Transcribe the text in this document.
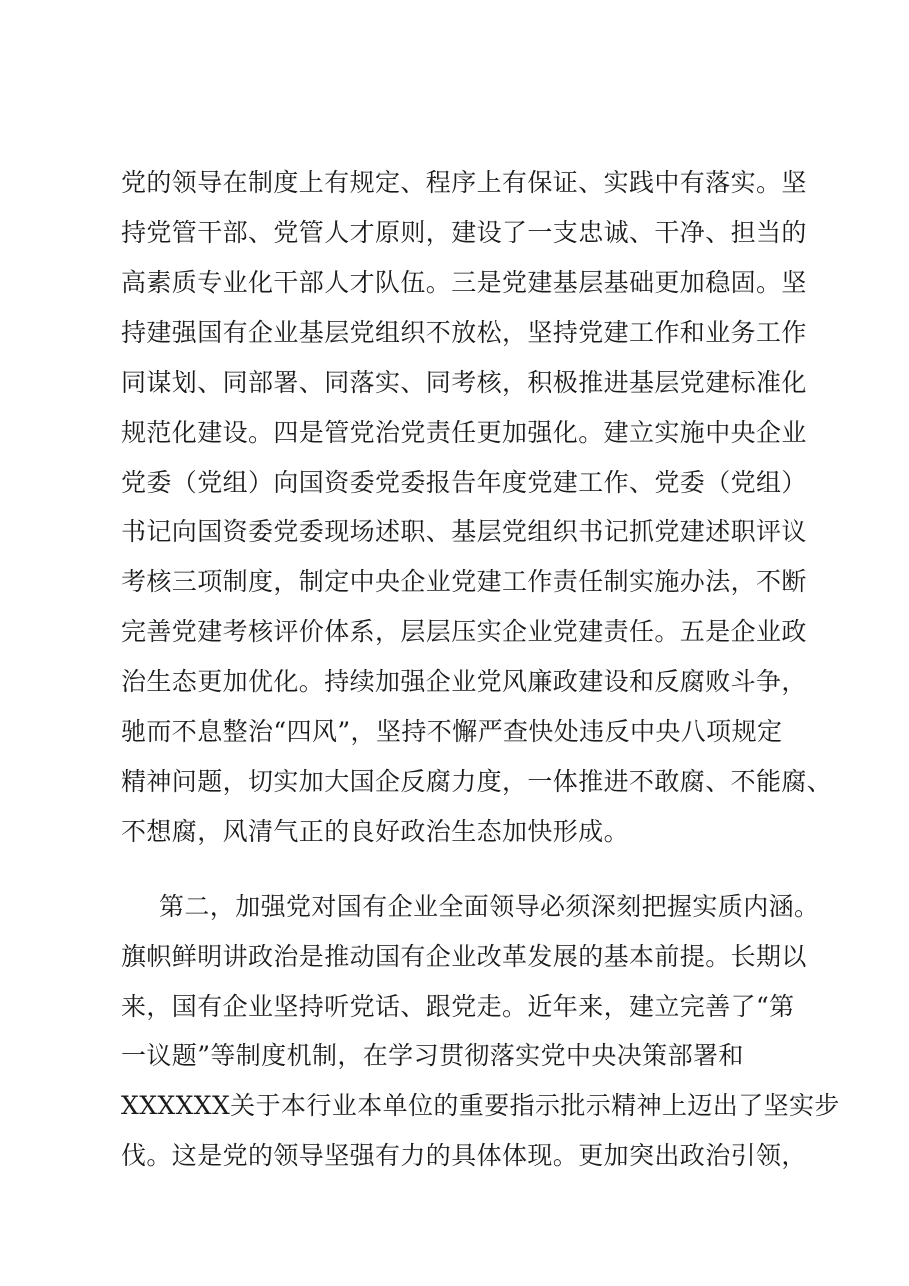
党的领导在制度上有规定、程序上有保证、实践中有落实。坚
持党管干部、党管人才原则，建设了一支忠诚、干净、担当的
高素质专业化干部人才队伍。三是党建基层基础更加稳固。坚
持建强国有企业基层党组织不放松，坚持党建工作和业务工作
同谋划、同部署、同落实、同考核，积极推进基层党建标准化
规范化建设。四是管党治党责任更加强化。建立实施中央企业
党委（党组）向国资委党委报告年度党建工作、党委（党组）
书记向国资委党委现场述职、基层党组织书记抓党建述职评议
考核三项制度，制定中央企业党建工作责任制实施办法，不断
完善党建考核评价体系，层层压实企业党建责任。五是企业政
治生态更加优化。持续加强企业党风廉政建设和反腐败斗争，
驰而不息整治“四风”，坚持不懈严查快处违反中央八项规定
精神问题，切实加大国企反腐力度，一体推进不敢腐、不能腐、
不想腐，风清气正的良好政治生态加快形成。
第二，加强党对国有企业全面领导必须深刻把握实质内涵。
旗帜鲜明讲政治是推动国有企业改革发展的基本前提。长期以
来，国有企业坚持听党话、跟党走。近年来，建立完善了“第
一议题”等制度机制，在学习贯彻落实党中央决策部署和
XXXXXX关于本行业本单位的重要指示批示精神上迈出了坚实步
伐。这是党的领导坚强有力的具体体现。更加突出政治引领，
